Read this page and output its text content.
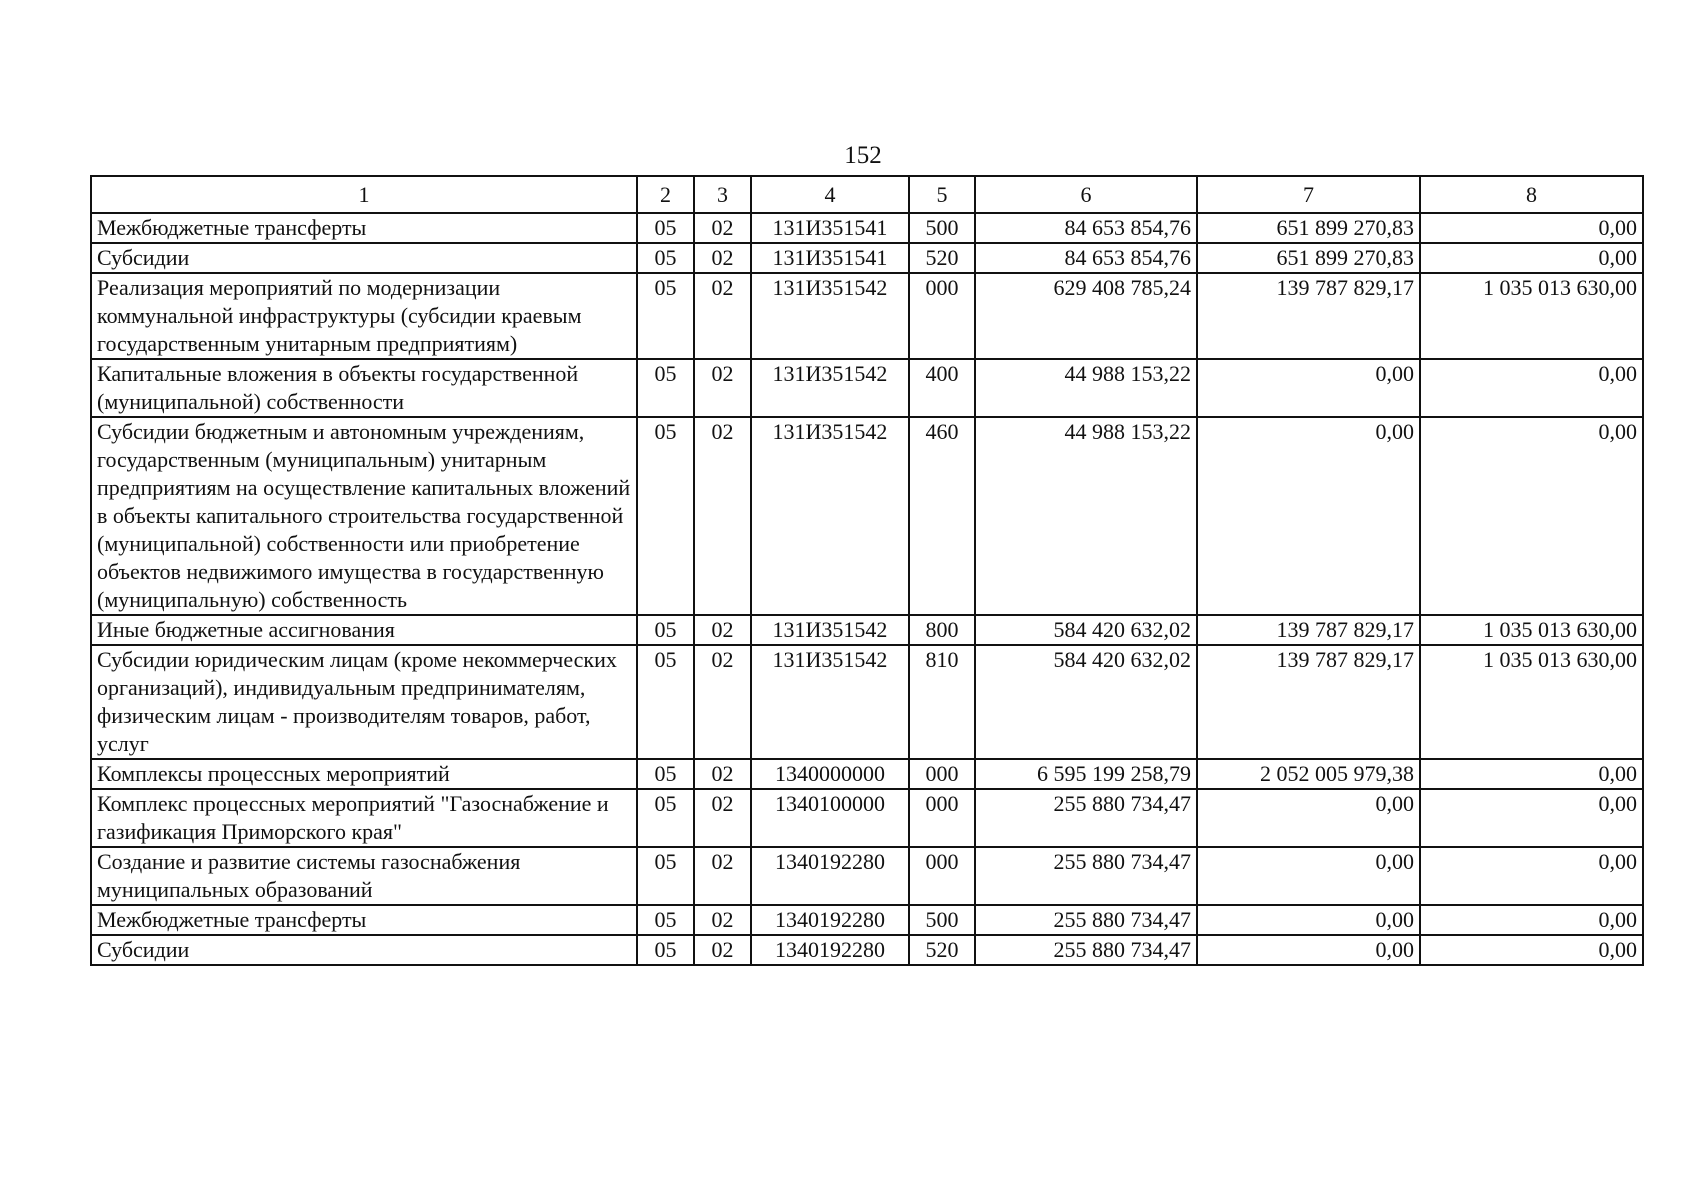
152
1	2	3	4	5	6	7	8
Межбюджетные трансферты	05	02	131И351541	500	84 653 854,76	651 899 270,83	0,00
Субсидии	05	02	131И351541	520	84 653 854,76	651 899 270,83	0,00
Реализация мероприятий по модернизации коммунальной инфраструктуры (субсидии краевым государственным унитарным предприятиям)	05	02	131И351542	000	629 408 785,24	139 787 829,17	1 035 013 630,00
Капитальные вложения в объекты государственной (муниципальной) собственности	05	02	131И351542	400	44 988 153,22	0,00	0,00
Субсидии бюджетным и автономным учреждениям, государственным (муниципальным) унитарным предприятиям на осуществление капитальных вложений в объекты капитального строительства государственной (муниципальной) собственности или приобретение объектов недвижимого имущества в государственную (муниципальную) собственность	05	02	131И351542	460	44 988 153,22	0,00	0,00
Иные бюджетные ассигнования	05	02	131И351542	800	584 420 632,02	139 787 829,17	1 035 013 630,00
Субсидии юридическим лицам (кроме некоммерческих организаций), индивидуальным предпринимателям, физическим лицам - производителям товаров, работ, услуг	05	02	131И351542	810	584 420 632,02	139 787 829,17	1 035 013 630,00
Комплексы процессных мероприятий	05	02	1340000000	000	6 595 199 258,79	2 052 005 979,38	0,00
Комплекс процессных мероприятий "Газоснабжение и газификация Приморского края"	05	02	1340100000	000	255 880 734,47	0,00	0,00
Создание и развитие системы газоснабжения муниципальных образований	05	02	1340192280	000	255 880 734,47	0,00	0,00
Межбюджетные трансферты	05	02	1340192280	500	255 880 734,47	0,00	0,00
Субсидии	05	02	1340192280	520	255 880 734,47	0,00	0,00
